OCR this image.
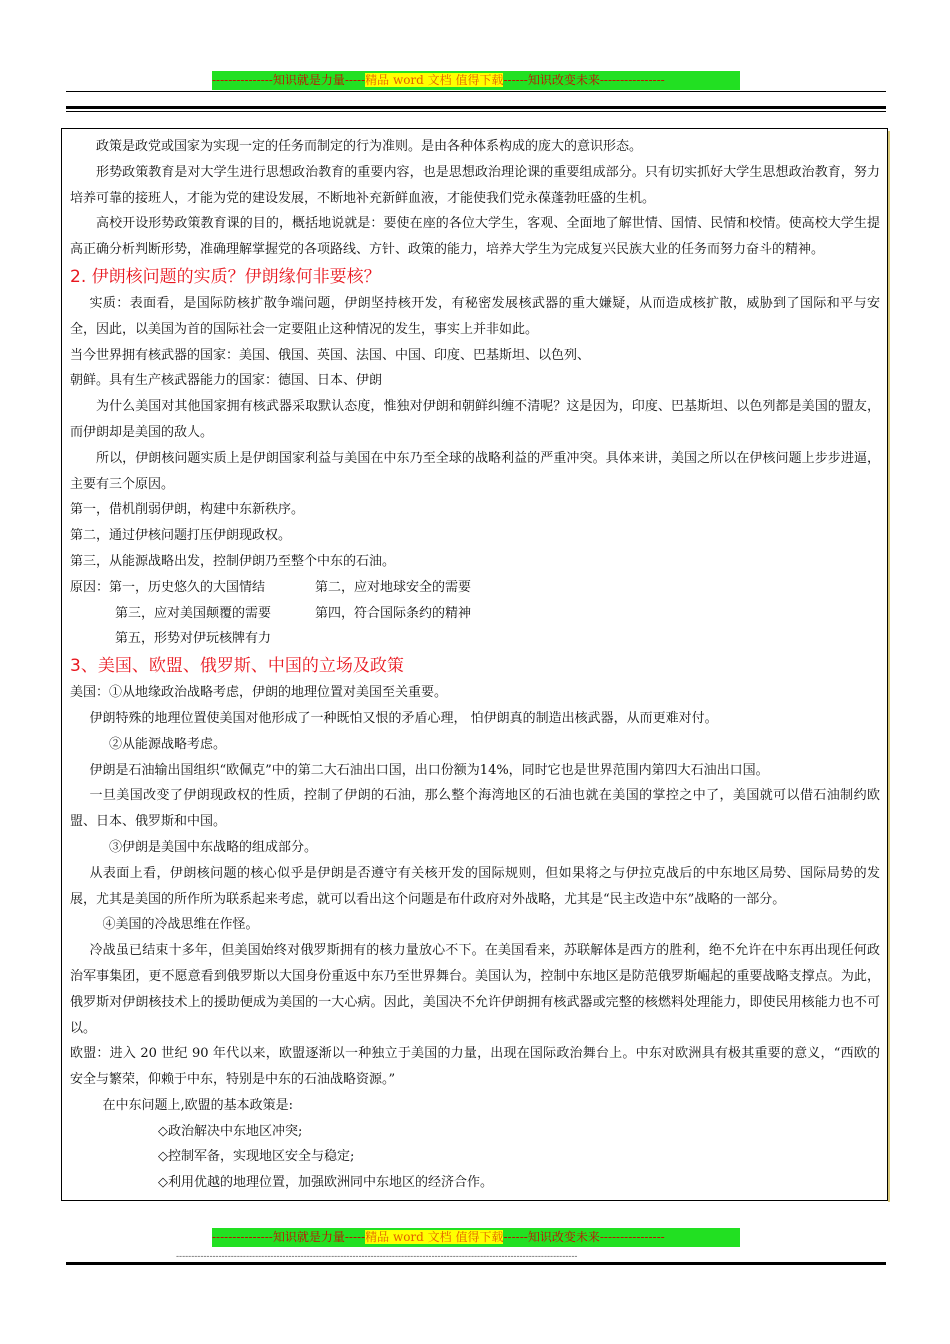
---------------知识就是力量-----精品 word 文档 值得下载------知识改变未来----------------

政策是政党或国家为实现一定的任务而制定的行为准则。是由各种体系构成的庞大的意识形态。

形势政策教育是对大学生进行思想政治教育的重要内容，也是思想政治理论课的重要组成部分。只有切实抓好大学生思想政治教育，努力培养可靠的接班人，才能为党的建设发展，不断地补充新鲜血液，才能使我们党永葆蓬勃旺盛的生机。

高校开设形势政策教育课的目的，概括地说就是：要使在座的各位大学生，客观、全面地了解世情、国情、民情和校情。使高校大学生提高正确分析判断形势，准确理解掌握党的各项路线、方针、政策的能力，培养大学生为完成复兴民族大业的任务而努力奋斗的精神。

2. 伊朗核问题的实质？伊朗缘何非要核？

实质：表面看，是国际防核扩散争端问题，伊朗坚持核开发，有秘密发展核武器的重大嫌疑，从而造成核扩散，威胁到了国际和平与安全，因此，以美国为首的国际社会一定要阻止这种情况的发生，事实上并非如此。

当今世界拥有核武器的国家：美国、俄国、英国、法国、中国、印度、巴基斯坦、以色列、

朝鲜。具有生产核武器能力的国家：德国、日本、伊朗

为什么美国对其他国家拥有核武器采取默认态度，惟独对伊朗和朝鲜纠缠不清呢？这是因为，印度、巴基斯坦、以色列都是美国的盟友，而伊朗却是美国的敌人。

所以，伊朗核问题实质上是伊朗国家利益与美国在中东乃至全球的战略利益的严重冲突。具体来讲，美国之所以在伊核问题上步步进逼，主要有三个原因。

第一，借机削弱伊朗，构建中东新秩序。

第二，通过伊核问题打压伊朗现政权。

第三，从能源战略出发，控制伊朗乃至整个中东的石油。

原因：第一，历史悠久的大国情结	第二，应对地球安全的需要

第三，应对美国颠覆的需要	第四，符合国际条约的精神

第五，形势对伊玩核牌有力

3、美国、欧盟、俄罗斯、中国的立场及政策

美国：①从地缘政治战略考虑，伊朗的地理位置对美国至关重要。

伊朗特殊的地理位置使美国对他形成了一种既怕又恨的矛盾心理， 怕伊朗真的制造出核武器，从而更难对付。

②从能源战略考虑。

伊朗是石油输出国组织“欧佩克”中的第二大石油出口国，出口份额为14%，同时它也是世界范围内第四大石油出口国。

一旦美国改变了伊朗现政权的性质，控制了伊朗的石油，那么整个海湾地区的石油也就在美国的掌控之中了，美国就可以借石油制约欧盟、日本、俄罗斯和中国。

③伊朗是美国中东战略的组成部分。

从表面上看，伊朗核问题的核心似乎是伊朗是否遵守有关核开发的国际规则，但如果将之与伊拉克战后的中东地区局势、国际局势的发展，尤其是美国的所作所为联系起来考虑，就可以看出这个问题是布什政府对外战略，尤其是“民主改造中东”战略的一部分。

④美国的冷战思维在作怪。

冷战虽已结束十多年，但美国始终对俄罗斯拥有的核力量放心不下。在美国看来，苏联解体是西方的胜利，绝不允许在中东再出现任何政治军事集团，更不愿意看到俄罗斯以大国身份重返中东乃至世界舞台。美国认为，控制中东地区是防范俄罗斯崛起的重要战略支撑点。为此，俄罗斯对伊朗核技术上的援助便成为美国的一大心病。因此，美国决不允许伊朗拥有核武器或完整的核燃料处理能力，即使民用核能力也不可以。

欧盟：进入 20 世纪 90 年代以来，欧盟逐渐以一种独立于美国的力量，出现在国际政治舞台上。中东对欧洲具有极其重要的意义，“西欧的安全与繁荣，仰赖于中东，特别是中东的石油战略资源。”

在中东问题上,欧盟的基本政策是:

◇政治解决中东地区冲突;

◇控制军备，实现地区安全与稳定;

◇利用优越的地理位置，加强欧洲同中东地区的经济合作。

---------------知识就是力量-----精品 word 文档 值得下载------知识改变未来----------------
------------------------------------------------------------------------------------------------------------------------------------
